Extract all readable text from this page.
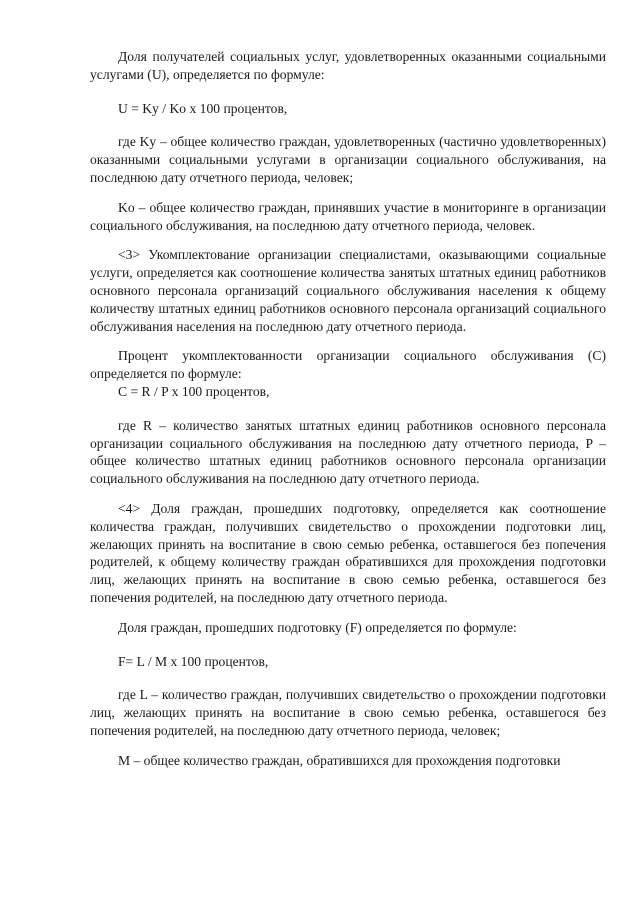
Доля получателей социальных услуг, удовлетворенных оказанными социальными услугами (U), определяется по формуле:

U = Ky / Ko x 100 процентов,

где Ky – общее количество граждан, удовлетворенных (частично удовлетворенных) оказанными социальными услугами в организации социального обслуживания, на последнюю дату отчетного периода, человек;

Ko – общее количество граждан, принявших участие в мониторинге в организации социального обслуживания, на последнюю дату отчетного периода, человек.

<3> Укомплектование организации специалистами, оказывающими социальные услуги, определяется как соотношение количества занятых штатных единиц работников основного персонала организаций социального обслуживания населения к общему количеству штатных единиц работников основного персонала организаций социального обслуживания населения на последнюю дату отчетного периода.

Процент укомплектованности организации социального обслуживания (C) определяется по формуле:

C = R / P x 100 процентов,

где R – количество занятых штатных единиц работников основного персонала организации социального обслуживания на последнюю дату отчетного периода, P – общее количество штатных единиц работников основного персонала организации социального обслуживания на последнюю дату отчетного периода.

<4> Доля граждан, прошедших подготовку, определяется как соотношение количества граждан, получивших свидетельство о прохождении подготовки лиц, желающих принять на воспитание в свою семью ребенка, оставшегося без попечения родителей, к общему количеству граждан обратившихся для прохождения подготовки лиц, желающих принять на воспитание в свою семью ребенка, оставшегося без попечения родителей, на последнюю дату отчетного периода.

Доля граждан, прошедших подготовку (F) определяется по формуле:

F= L / M x 100 процентов,

где L – количество граждан, получивших свидетельство о прохождении подготовки лиц, желающих принять на воспитание в свою семью ребенка, оставшегося без попечения родителей, на последнюю дату отчетного периода, человек;

M – общее количество граждан, обратившихся для прохождения подготовки
